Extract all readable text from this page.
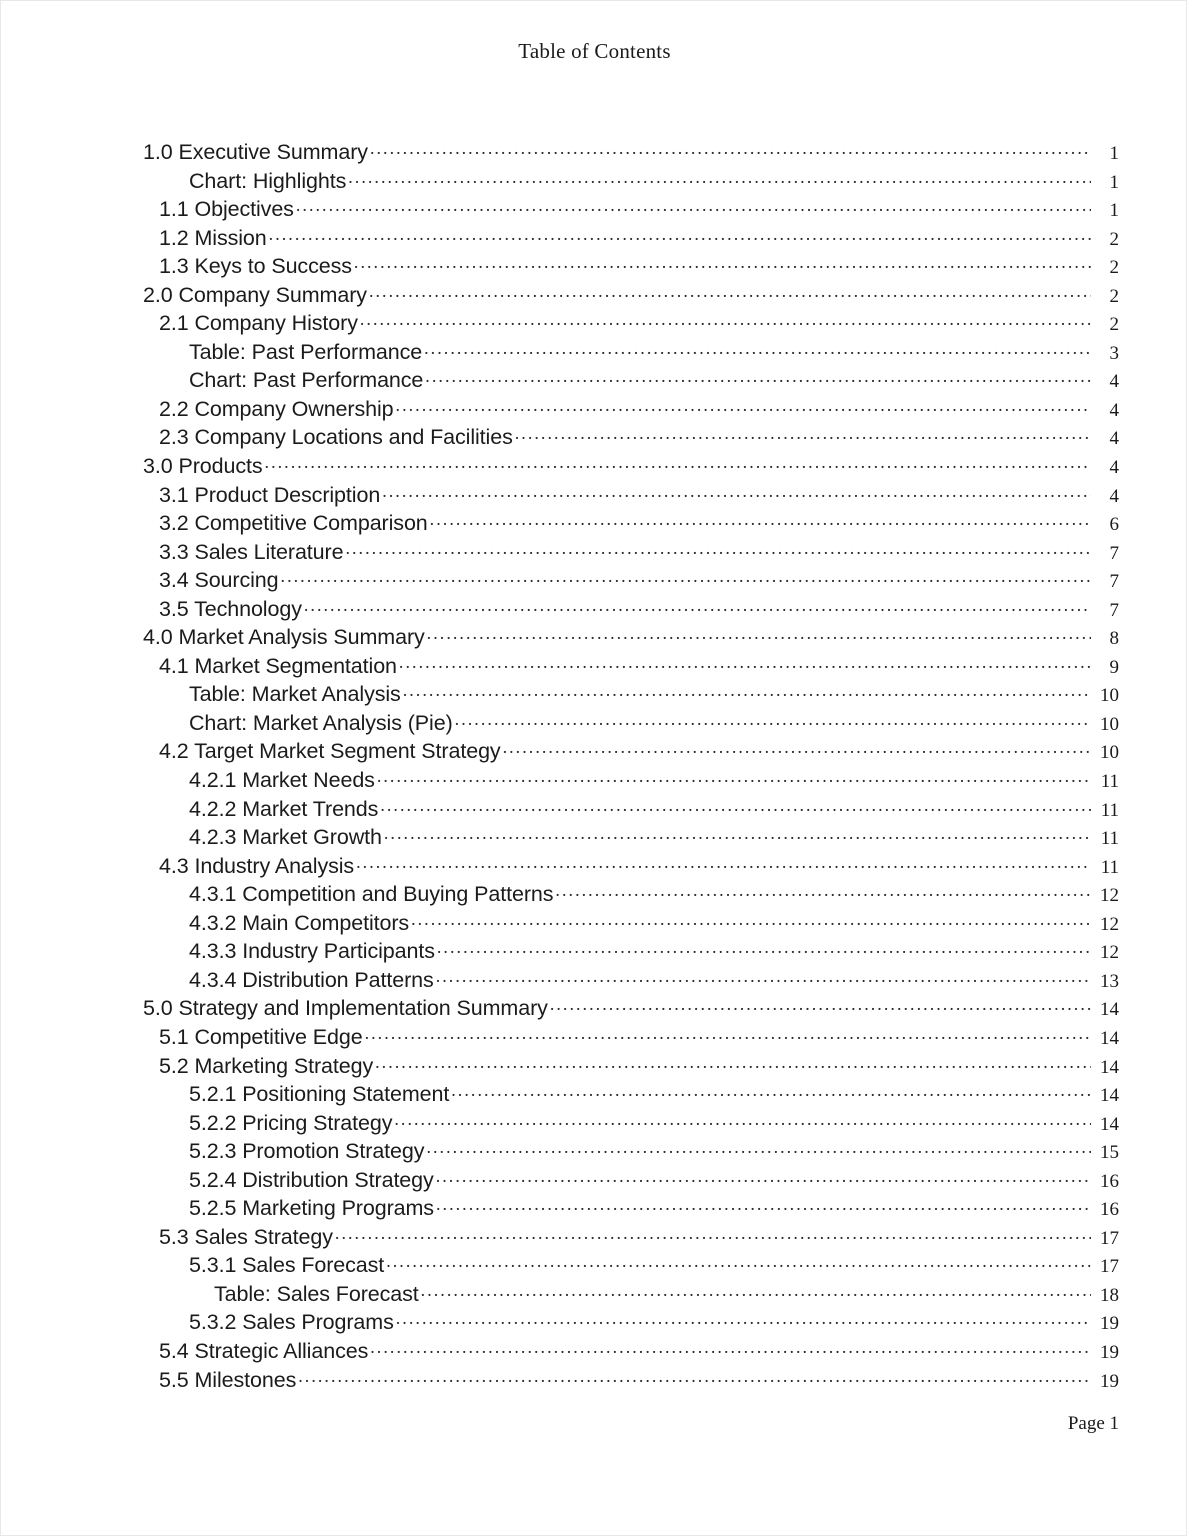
Table of Contents
1.0 Executive Summary .....	1
Chart: Highlights .....	1
1.1 Objectives .....	1
1.2 Mission .....	2
1.3 Keys to Success .....	2
2.0 Company Summary .....	2
2.1 Company History .....	2
Table: Past Performance .....	3
Chart: Past Performance .....	4
2.2 Company Ownership .....	4
2.3 Company Locations and Facilities .....	4
3.0 Products .....	4
3.1 Product Description .....	4
3.2 Competitive Comparison .....	6
3.3 Sales Literature .....	7
3.4 Sourcing .....	7
3.5 Technology .....	7
4.0 Market Analysis Summary .....	8
4.1 Market Segmentation .....	9
Table: Market Analysis .....	10
Chart: Market Analysis (Pie) .....	10
4.2 Target Market Segment Strategy .....	10
4.2.1 Market Needs .....	11
4.2.2 Market Trends .....	11
4.2.3 Market Growth .....	11
4.3 Industry Analysis .....	11
4.3.1 Competition and Buying Patterns .....	12
4.3.2 Main Competitors .....	12
4.3.3 Industry Participants .....	12
4.3.4 Distribution Patterns .....	13
5.0 Strategy and Implementation Summary .....	14
5.1 Competitive Edge .....	14
5.2 Marketing Strategy .....	14
5.2.1 Positioning Statement .....	14
5.2.2 Pricing Strategy .....	14
5.2.3 Promotion Strategy .....	15
5.2.4 Distribution Strategy .....	16
5.2.5 Marketing Programs .....	16
5.3 Sales Strategy .....	17
5.3.1 Sales Forecast .....	17
Table: Sales Forecast .....	18
5.3.2 Sales Programs .....	19
5.4 Strategic Alliances .....	19
5.5 Milestones .....	19
Page 1
